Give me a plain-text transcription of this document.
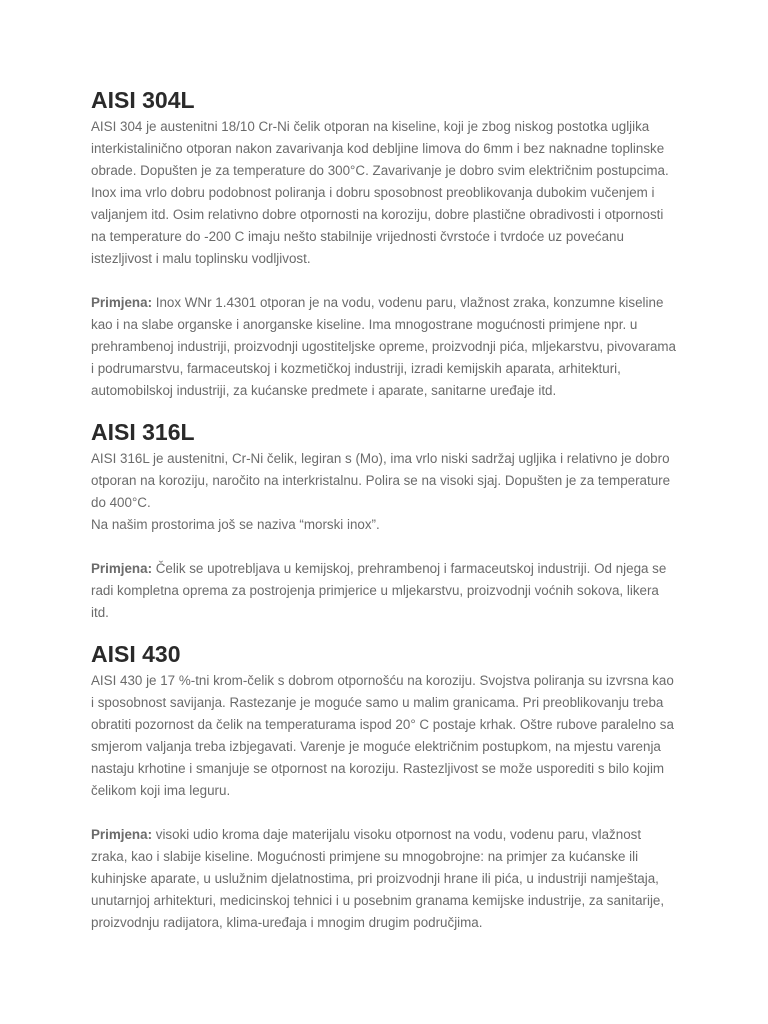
AISI 304L

AISI 304 je austenitni 18/10 Cr-Ni čelik otporan na kiseline, koji je zbog niskog postotka ugljika interkistalinično otporan nakon zavarivanja kod debljine limova do 6mm i bez naknadne toplinske obrade. Dopušten je za temperature do 300°C. Zavarivanje je dobro svim električnim postupcima. Inox ima vrlo dobru podobnost poliranja i dobru sposobnost preoblikovanja dubokim vučenjem i valjanjem itd. Osim relativno dobre otpornosti na koroziju, dobre plastične obradivosti i otpornosti na temperature do -200 C imaju nešto stabilnije vrijednosti čvrstoće i tvrdoće uz povećanu istezljivost i malu toplinsku vodljivost.

Primjena: Inox WNr 1.4301 otporan je na vodu, vodenu paru, vlažnost zraka, konzumne kiseline kao i na slabe organske i anorganske kiseline. Ima mnogostrane mogućnosti primjene npr. u prehrambenoj industriji, proizvodnji ugostiteljske opreme, proizvodnji pića, mljekarstvu, pivovarama i podrumarstvu, farmaceutskoj i kozmetičkoj industriji, izradi kemijskih aparata, arhitekturi, automobilskoj industriji, za kućanske predmete i aparate, sanitarne uređaje itd.

AISI 316L

AISI 316L je austenitni, Cr-Ni čelik, legiran s (Mo), ima vrlo niski sadržaj ugljika i relativno je dobro otporan na koroziju, naročito na interkristalnu. Polira se na visoki sjaj. Dopušten je za temperature do 400°C.

Na našim prostorima još se naziva “morski inox”.

Primjena: Čelik se upotrebljava u kemijskoj, prehrambenoj i farmaceutskoj industriji. Od njega se radi kompletna oprema za postrojenja primjerice u mljekarstvu, proizvodnji voćnih sokova, likera itd.

AISI 430

AISI 430 je 17 %-tni krom-čelik s dobrom otpornošću na koroziju. Svojstva poliranja su izvrsna kao i sposobnost savijanja. Rastezanje je moguće samo u malim granicama. Pri preoblikovanju treba obratiti pozornost da čelik na temperaturama ispod 20° C postaje krhak. Oštre rubove paralelno sa smjerom valjanja treba izbjegavati. Varenje je moguće električnim postupkom, na mjestu varenja nastaju krhotine i smanjuje se otpornost na koroziju. Rastezljivost se može usporediti s bilo kojim čelikom koji ima leguru.

Primjena: visoki udio kroma daje materijalu visoku otpornost na vodu, vodenu paru, vlažnost zraka, kao i slabije kiseline. Mogućnosti primjene su mnogobrojne: na primjer za kućanske ili kuhinjske aparate, u uslužnim djelatnostima, pri proizvodnji hrane ili pića, u industriji namještaja, unutarnjoj arhitekturi, medicinskoj tehnici i u posebnim granama kemijske industrije, za sanitarije, proizvodnju radijatora, klima-uređaja i mnogim drugim područjima.
